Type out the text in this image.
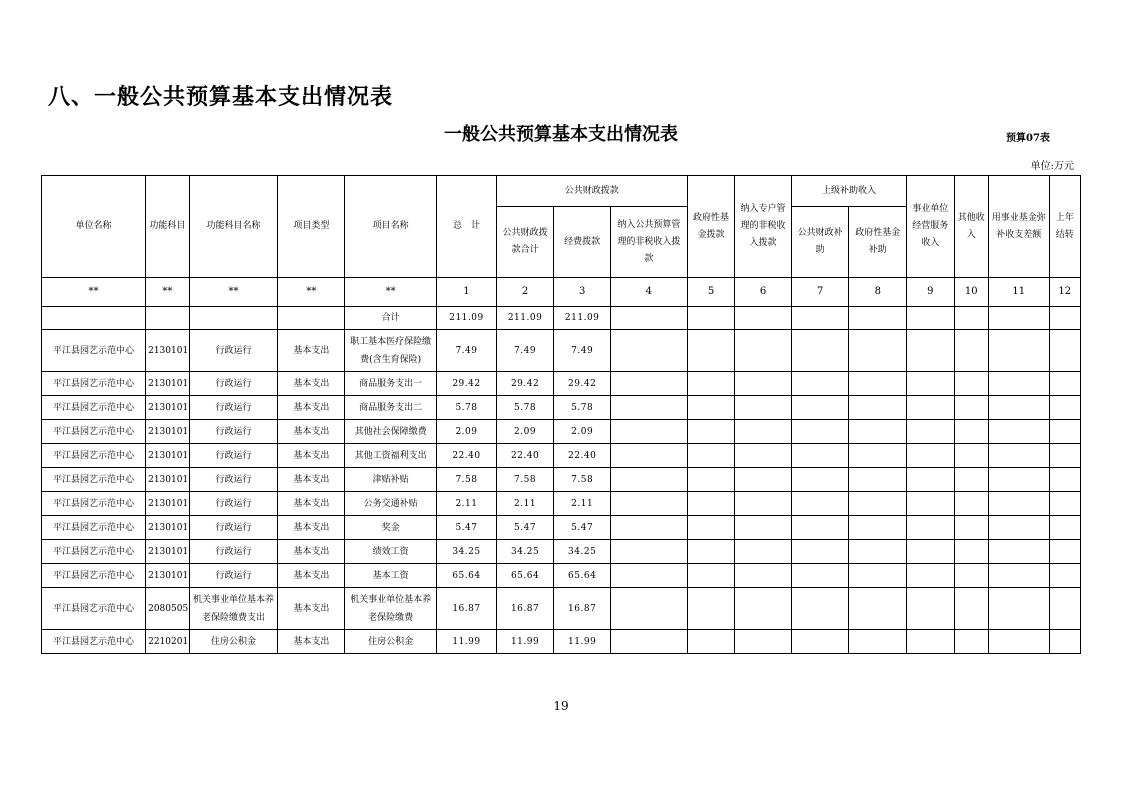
八、一般公共预算基本支出情况表
一般公共预算基本支出情况表	预算07表
单位:万元
单位名称	功能科目	功能科目名称	项目类型	项目名称	总　计	公共财政拨款			政府性基金拨款	纳入专户管理的非税收入拨款	上级补助收入		事业单位经营服务收入	其他收入	用事业基金弥补收支差额	上年结转
						公共财政拨款合计	经费拨款	纳入公共预算管理的非税收入拨款			公共财政补助	政府性基金补助				
**	**	**	**	**	1	2	3	4	5	6	7	8	9	10	11	12
				合计	211.09	211.09	211.09									
平江县园艺示范中心	2130101	行政运行	基本支出	职工基本医疗保险缴费(含生育保险)	7.49	7.49	7.49									
平江县园艺示范中心	2130101	行政运行	基本支出	商品服务支出一	29.42	29.42	29.42									
平江县园艺示范中心	2130101	行政运行	基本支出	商品服务支出二	5.78	5.78	5.78									
平江县园艺示范中心	2130101	行政运行	基本支出	其他社会保障缴费	2.09	2.09	2.09									
平江县园艺示范中心	2130101	行政运行	基本支出	其他工资福利支出	22.40	22.40	22.40									
平江县园艺示范中心	2130101	行政运行	基本支出	津贴补贴	7.58	7.58	7.58									
平江县园艺示范中心	2130101	行政运行	基本支出	公务交通补贴	2.11	2.11	2.11									
平江县园艺示范中心	2130101	行政运行	基本支出	奖金	5.47	5.47	5.47									
平江县园艺示范中心	2130101	行政运行	基本支出	绩效工资	34.25	34.25	34.25									
平江县园艺示范中心	2130101	行政运行	基本支出	基本工资	65.64	65.64	65.64									
平江县园艺示范中心	2080505	机关事业单位基本养老保险缴费支出	基本支出	机关事业单位基本养老保险缴费	16.87	16.87	16.87									
平江县园艺示范中心	2210201	住房公积金	基本支出	住房公积金	11.99	11.99	11.99									
19
